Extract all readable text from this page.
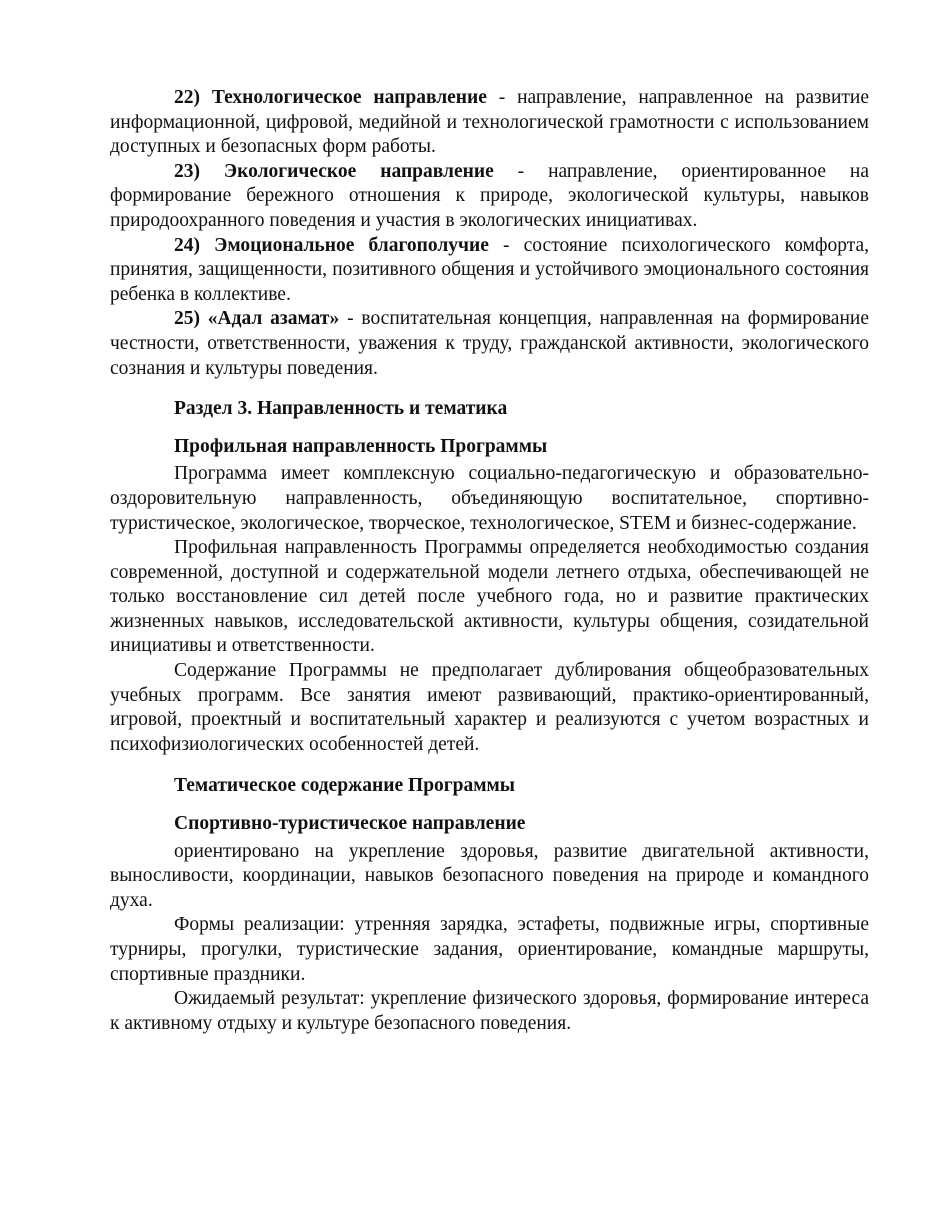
22) Технологическое направление - направление, направленное на развитие информационной, цифровой, медийной и технологической грамотности с использованием доступных и безопасных форм работы.

23) Экологическое направление - направление, ориентированное на формирование бережного отношения к природе, экологической культуры, навыков природоохранного поведения и участия в экологических инициативах.

24) Эмоциональное благополучие - состояние психологического комфорта, принятия, защищенности, позитивного общения и устойчивого эмоционального состояния ребенка в коллективе.

25) «Адал азамат» - воспитательная концепция, направленная на формирование честности, ответственности, уважения к труду, гражданской активности, экологического сознания и культуры поведения.

Раздел 3. Направленность и тематика

Профильная направленность Программы

Программа имеет комплексную социально-педагогическую и образовательно-оздоровительную направленность, объединяющую воспитательное, спортивно-туристическое, экологическое, творческое, технологическое, STEM и бизнес-содержание.

Профильная направленность Программы определяется необходимостью создания современной, доступной и содержательной модели летнего отдыха, обеспечивающей не только восстановление сил детей после учебного года, но и развитие практических жизненных навыков, исследовательской активности, культуры общения, созидательной инициативы и ответственности.

Содержание Программы не предполагает дублирования общеобразовательных учебных программ. Все занятия имеют развивающий, практико-ориентированный, игровой, проектный и воспитательный характер и реализуются с учетом возрастных и психофизиологических особенностей детей.

Тематическое содержание Программы

Спортивно-туристическое направление

ориентировано на укрепление здоровья, развитие двигательной активности, выносливости, координации, навыков безопасного поведения на природе и командного духа.

Формы реализации: утренняя зарядка, эстафеты, подвижные игры, спортивные турниры, прогулки, туристические задания, ориентирование, командные маршруты, спортивные праздники.

Ожидаемый результат: укрепление физического здоровья, формирование интереса к активному отдыху и культуре безопасного поведения.
